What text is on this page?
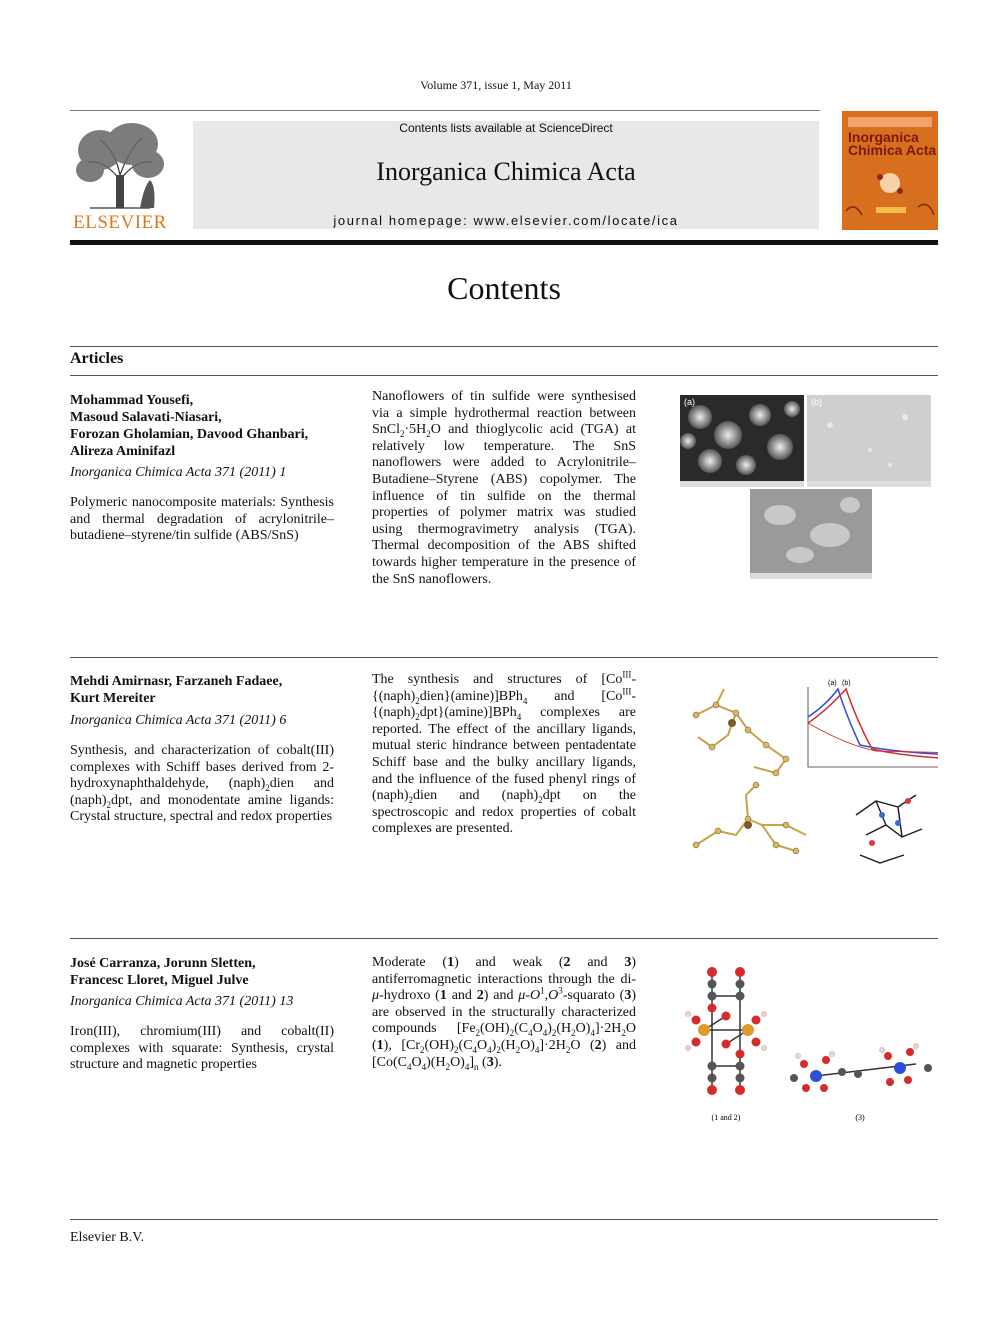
Volume 371, issue 1, May 2011
ELSEVIER
Contents lists available at ScienceDirect
Inorganica Chimica Acta
journal homepage: www.elsevier.com/locate/ica
Inorganica Chimica Acta
Contents
Articles
Mohammad Yousefi,
Masoud Salavati-Niasari,
Forozan Gholamian, Davood Ghanbari,
Alireza Aminifazl
Inorganica Chimica Acta 371 (2011) 1
Polymeric nanocomposite materials: Synthesis and thermal degradation of acrylonitrile–butadiene–styrene/tin sulfide (ABS/SnS)
Nanoflowers of tin sulfide were synthesised via a simple hydrothermal reaction between $SnCl_2\cdot 5H_2O$ and thioglycolic acid (TGA) at relatively low temperature. The SnS nanoflowers were added to Acrylonitrile–Butadiene–Styrene (ABS) copolymer. The influence of tin sulfide on the thermal properties of polymer matrix was studied using thermogravimetry analysis (TGA). Thermal decomposition of the ABS shifted towards higher temperature in the presence of the SnS nanoflowers.
(a)	(b)
Mehdi Amirnasr, Farzaneh Fadaee,
Kurt Mereiter
Inorganica Chimica Acta 371 (2011) 6
Synthesis, and characterization of cobalt(III) complexes with Schiff bases derived from 2-hydroxynaphthaldehyde, $(naph)_2dien$ and $(naph)_2dpt$, and monodentate amine ligands: Crystal structure, spectral and redox properties
The synthesis and structures of $[Co^{III}-\{(naph)_2dien\}(amine)]BPh_4$ and $[Co^{III}-\{(naph)_2dpt\}(amine)]BPh_4$ complexes are reported. The effect of the ancillary ligands, mutual steric hindrance between pentadentate Schiff base and the bulky ancillary ligands, and the influence of the fused phenyl rings of $(naph)_2dien$ and $(naph)_2dpt$ on the spectroscopic and redox properties of cobalt complexes are presented.
(a) (b)
José Carranza, Jorunn Sletten,
Francesc Lloret, Miguel Julve
Inorganica Chimica Acta 371 (2011) 13
Iron(III), chromium(III) and cobalt(II) complexes with squarate: Synthesis, crystal structure and magnetic properties
Moderate (1) and weak (2 and 3) antiferromagnetic interactions through the di-μ-hydroxo (1 and 2) and $\mu-O^1,O^3$-squarato (3) are observed in the structurally characterized compounds $[Fe_2(OH)_2(C_4O_4)_2(H_2O)_4]\cdot 2H_2O$ (1), $[Cr_2(OH)_2(C_4O_4)_2(H_2O)_4]\cdot 2H_2O$ (2) and $[Co(C_4O_4)(H_2O)_4]_n$ (3).
(1 and 2)	(3)
Elsevier B.V.
